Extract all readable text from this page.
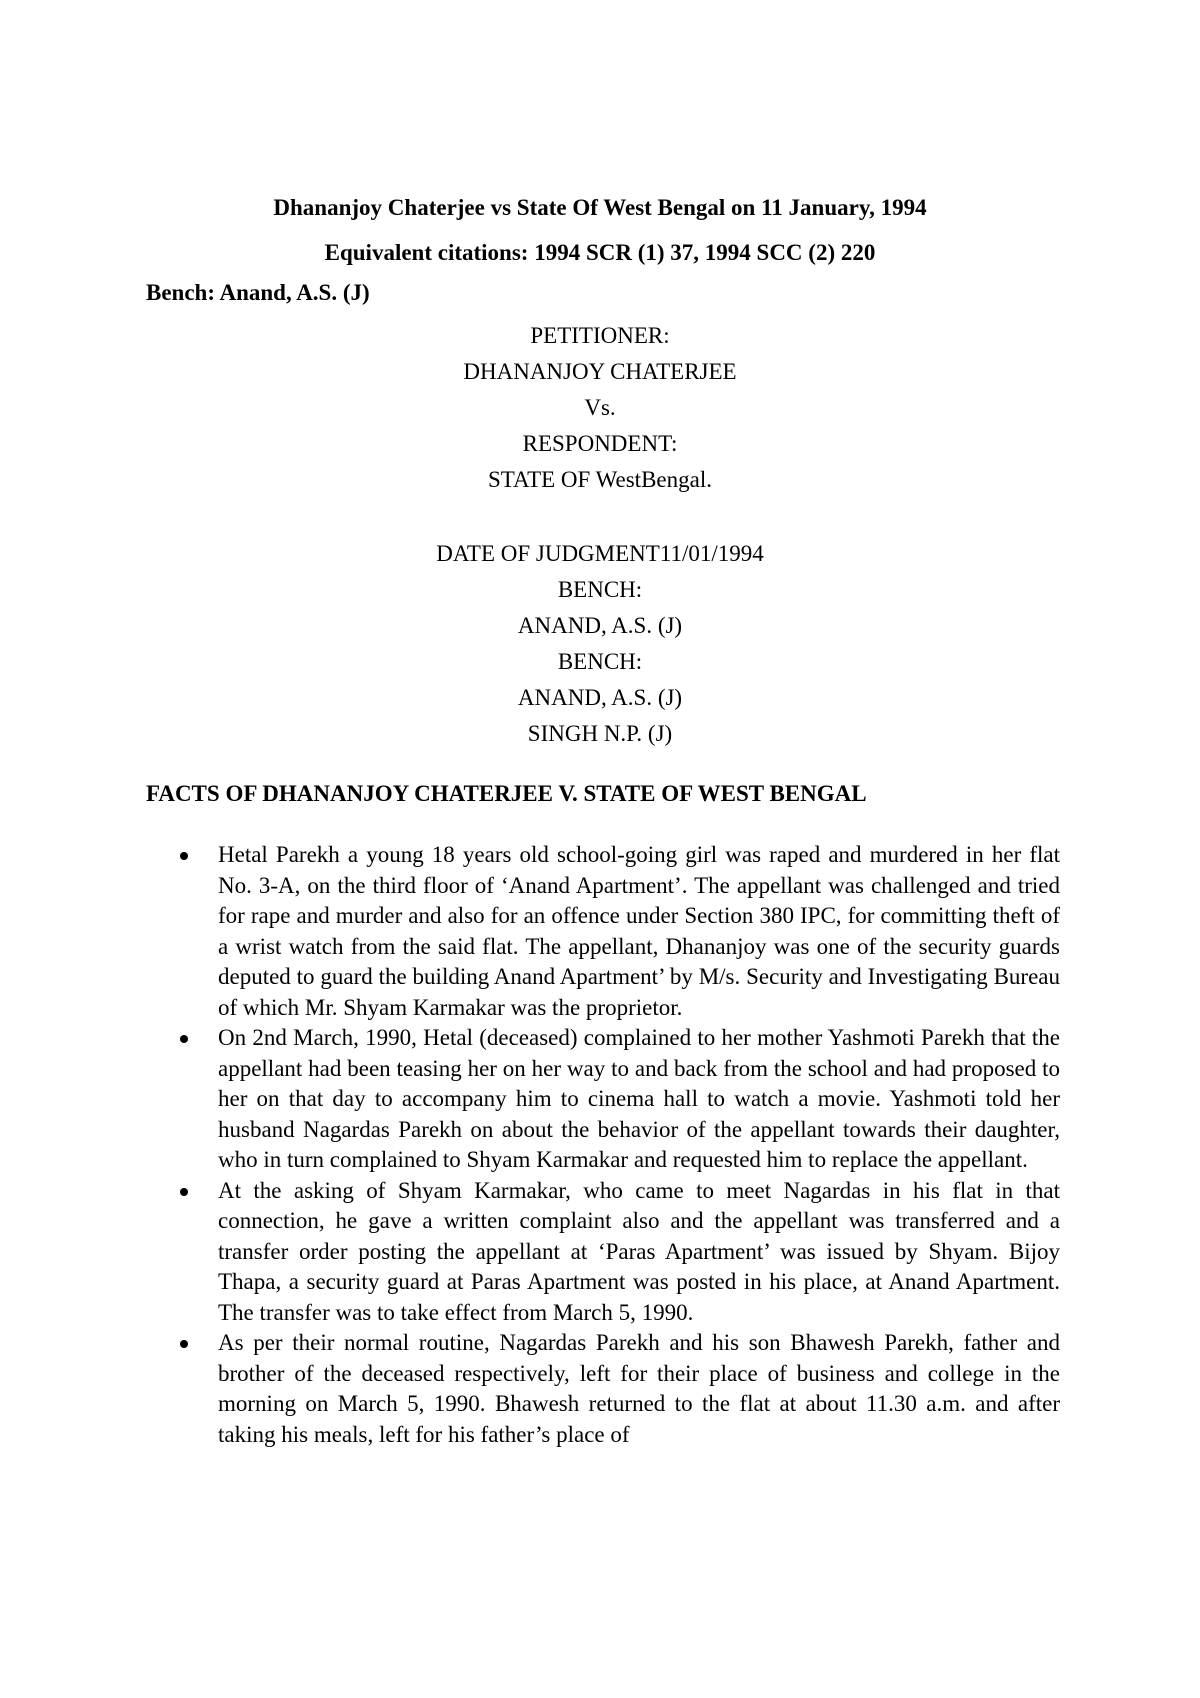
Dhananjoy Chaterjee vs State Of West Bengal on 11 January, 1994
Equivalent citations: 1994 SCR (1) 37, 1994 SCC (2) 220
Bench: Anand, A.S. (J)
PETITIONER:
DHANANJOY CHATERJEE
Vs.
RESPONDENT:
STATE OF WestBengal.
DATE OF JUDGMENT11/01/1994
BENCH:
ANAND, A.S. (J)
BENCH:
ANAND, A.S. (J)
SINGH N.P. (J)
FACTS OF DHANANJOY CHATERJEE V. STATE OF WEST BENGAL
Hetal Parekh a young 18 years old school-going girl was raped and murdered in her flat No. 3-A, on the third floor of ‘Anand Apartment’. The appellant was challenged and tried for rape and murder and also for an offence under Section 380 IPC, for committing theft of a wrist watch from the said flat. The appellant, Dhananjoy was one of the security guards deputed to guard the building Anand Apartment’ by M/s. Security and Investigating Bureau of which Mr. Shyam Karmakar was the proprietor.
On 2nd March, 1990, Hetal (deceased) complained to her mother Yashmoti Parekh that the appellant had been teasing her on her way to and back from the school and had proposed to her on that day to accompany him to cinema hall to watch a movie. Yashmoti told her husband Nagardas Parekh on about the behavior of the appellant towards their daughter, who in turn complained to Shyam Karmakar and requested him to replace the appellant.
At the asking of Shyam Karmakar, who came to meet Nagardas in his flat in that connection, he gave a written complaint also and the appellant was transferred and a transfer order posting the appellant at ‘Paras Apartment’ was issued by Shyam. Bijoy Thapa, a security guard at Paras Apartment was posted in his place, at Anand Apartment. The transfer was to take effect from March 5, 1990.
As per their normal routine, Nagardas Parekh and his son Bhawesh Parekh, father and brother of the deceased respectively, left for their place of business and college in the morning on March 5, 1990. Bhawesh returned to the flat at about 11.30 a.m. and after taking his meals, left for his father’s place of
